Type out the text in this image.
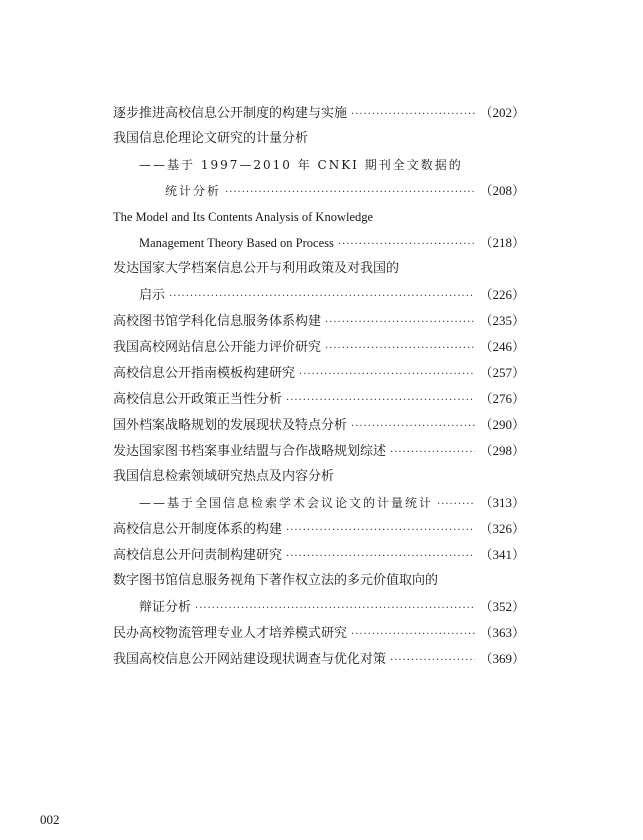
逐步推进高校信息公开制度的构建与实施 ·····	（202）
我国信息伦理论文研究的计量分析
——基于 1997—2010 年 CNKI 期刊全文数据的
统计分析 ·····	（208）
The Model and Its Contents Analysis of Knowledge
Management Theory Based on Process ·····	（218）
发达国家大学档案信息公开与利用政策及对我国的
启示 ·····	（226）
高校图书馆学科化信息服务体系构建 ·····	（235）
我国高校网站信息公开能力评价研究 ·····	（246）
高校信息公开指南模板构建研究 ·····	（257）
高校信息公开政策正当性分析 ·····	（276）
国外档案战略规划的发展现状及特点分析 ·····	（290）
发达国家图书档案事业结盟与合作战略规划综述 ·····	（298）
我国信息检索领域研究热点及内容分析
——基于全国信息检索学术会议论文的计量统计 ·····	（313）
高校信息公开制度体系的构建 ·····	（326）
高校信息公开问责制构建研究 ·····	（341）
数字图书馆信息服务视角下著作权立法的多元价值取向的
辩证分析 ·····	（352）
民办高校物流管理专业人才培养模式研究 ·····	（363）
我国高校信息公开网站建设现状调查与优化对策 ·····	（369）
002
